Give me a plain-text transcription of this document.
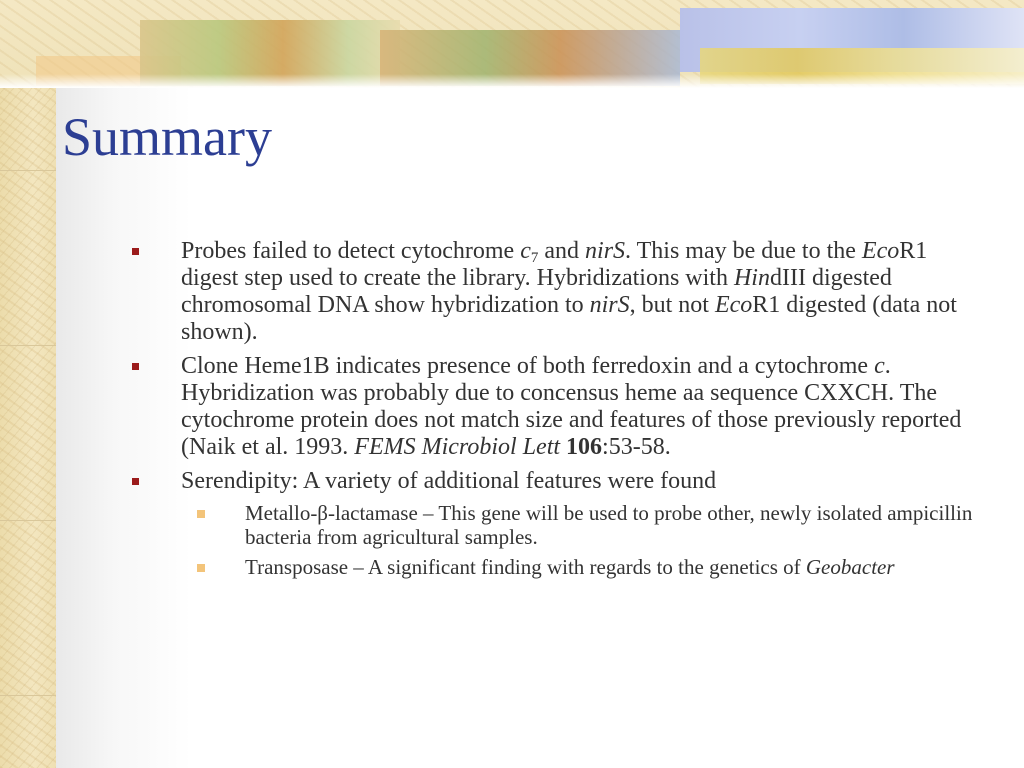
Summary
Probes failed to detect cytochrome $c_7$ and nirS. This may be due to the EcoR1 digest step used to create the library. Hybridizations with HindIII digested chromosomal DNA show hybridization to nirS, but not EcoR1 digested (data not shown).
Clone Heme1B indicates presence of both ferredoxin and a cytochrome c. Hybridization was probably due to concensus heme aa sequence CXXCH. The cytochrome protein does not match size and features of those previously reported (Naik et al. 1993. FEMS Microbiol Lett 106:53-58.
Serendipity: A variety of additional features were found
Metallo-β-lactamase – This gene will be used to probe other, newly isolated ampicillin bacteria from agricultural samples.
Transposase – A significant finding with regards to the genetics of Geobacter
